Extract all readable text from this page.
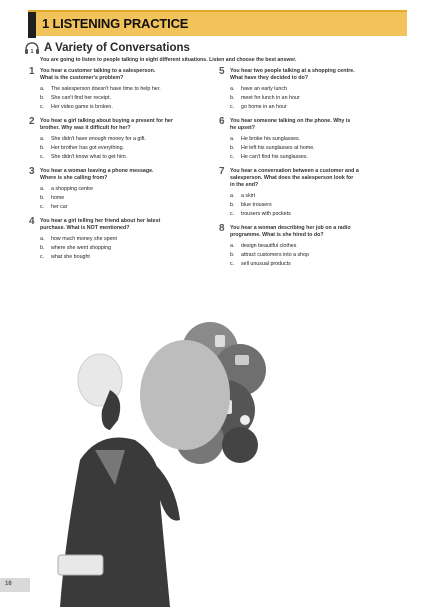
1 LISTENING PRACTICE
1 A Variety of Conversations
You are going to listen to people talking in eight different situations. Listen and choose the best answer.
1 You hear a customer talking to a salesperson.
What is the customer's problem?
a.	The salesperson doesn't have time to help her.
b.	She can't find her receipt.
c.	Her video game is broken.
2 You hear a girl talking about buying a present for her
brother. Why was it difficult for her?
a.	She didn't have enough money for a gift.
b.	Her brother has got everything.
c.	She didn't know what to get him.
3 You hear a woman leaving a phone message.
Where is she calling from?
a.	a shopping centre
b.	home
c.	her car
4 You hear a girl telling her friend about her latest
purchase. What is NOT mentioned?
a.	how much money she spent
b.	where she went shopping
c.	what she bought
5 You hear two people talking at a shopping centre.
What have they decided to do?
a.	have an early lunch
b.	meet for lunch in an hour
c.	go home in an hour
6 You hear someone talking on the phone. Why is
he upset?
a.	He broke his sunglasses.
b.	He left his sunglasses at home.
c.	He can't find his sunglasses.
7 You hear a conversation between a customer and a
salesperson. What does the salesperson look for
in the end?
a.	a skirt
b.	blue trousers
c.	trousers with pockets
8 You hear a woman describing her job on a radio
programme. What is she hired to do?
a.	design beautiful clothes
b.	attract customers into a shop
c.	sell unusual products
16
